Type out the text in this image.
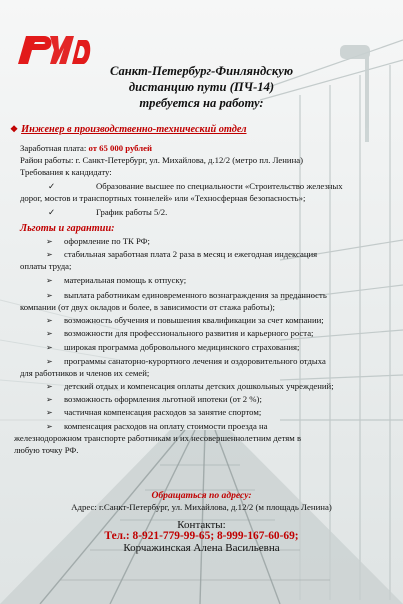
Санкт-Петербург-Финляндскую
дистанцию пути (ПЧ-14)
требуется на работу:
❖ Инженер в производственно-технический отдел
Заработная плата: от 65 000 рублей
Район работы: г. Санкт-Петербург, ул. Михайлова, д.12/2 (метро пл. Ленина)
Требования к кандидату:
✓	Образование высшее по специальности «Строительство железных
дорог, мостов и транспортных тоннелей» или «Техносферная безопасность»;
✓	График работы 5/2.
Льготы и гарантии:
➢ оформление по ТК РФ;
➢ стабильная заработная плата 2 раза в месяц и ежегодная индексация
оплаты труда;
➢ материальная помощь к отпуску;
➢ выплата работникам единовременного вознаграждения за преданность
компании (от двух окладов и более, в зависимости от стажа работы);
➢ возможность обучения и повышения квалификации за счет компании;
➢ возможности для профессионального развития и карьерного роста;
➢ широкая программа добровольного медицинского страхования;
➢ программы санаторно-курортного лечения и оздоровительного отдыха
для работников и членов их семей;
➢ детский отдых и компенсация оплаты детских дошкольных учреждений;
➢ возможность оформления льготной ипотеки (от 2 %);
➢ частичная компенсация расходов за занятие спортом;
➢ компенсация расходов на оплату стоимости проезда на
железнодорожном транспорте работникам и их несовершеннолетним детям в
любую точку РФ.
Обращаться по адресу:
Адрес: г.Санкт-Петербург, ул. Михайлова, д.12/2 (м площадь Ленина)
Контакты:
Тел.: 8-921-779-99-65; 8-999-167-60-69;
Корчажинская Алена Васильевна
